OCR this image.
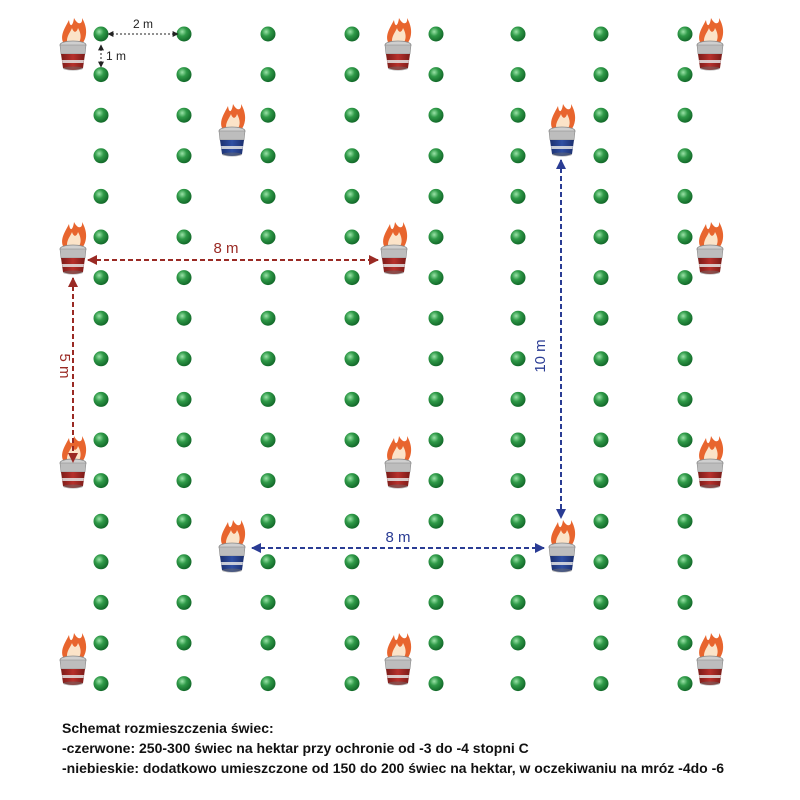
2 m
1 m
8 m
5 m
8 m
10 m
Schemat rozmieszczenia świec:
-czerwone: 250-300 świec na hektar przy ochronie od -3 do -4 stopni C
-niebieskie: dodatkowo umieszczone od 150 do 200 świec na hektar, w oczekiwaniu na mróz -4do -6
